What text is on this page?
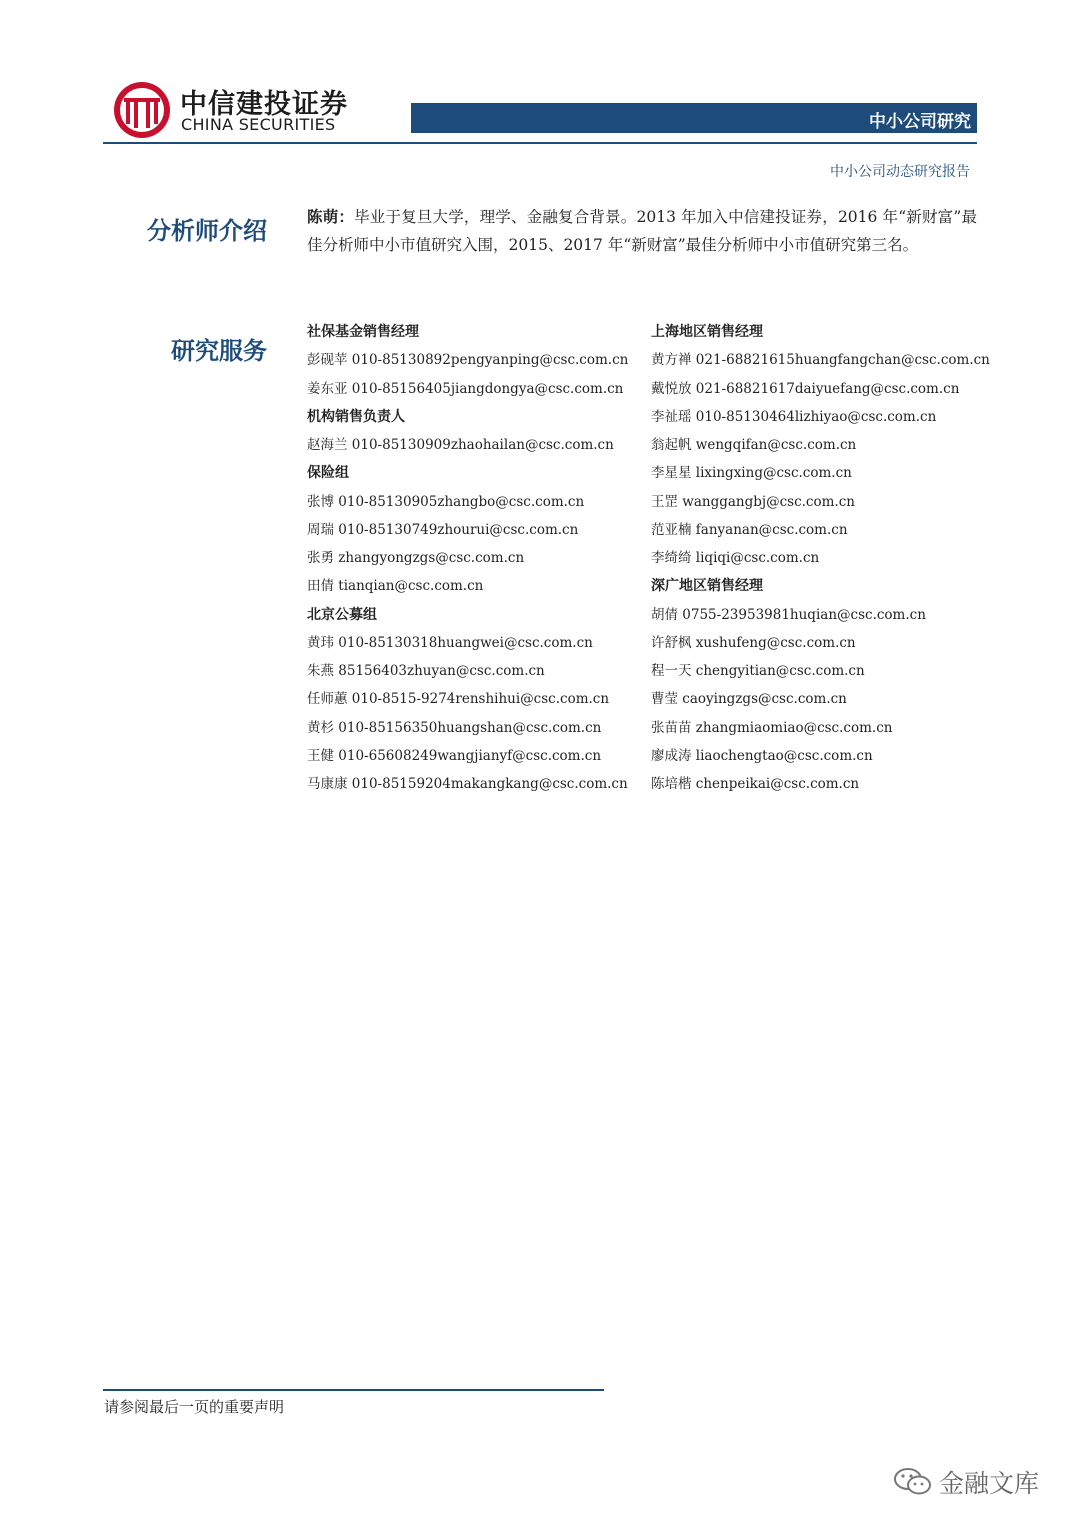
中信建投证券
CHINA SECURITIES	中小公司研究
中小公司动态研究报告
分析师介绍	陈萌：毕业于复旦大学，理学、金融复合背景。2013 年加入中信建投证券，2016 年“新财富”最佳分析师中小市值研究入围，2015、2017 年“新财富”最佳分析师中小市值研究第三名。
研究服务
社保基金销售经理
彭砚苹 010-85130892pengyanping@csc.com.cn
姜东亚 010-85156405jiangdongya@csc.com.cn
机构销售负责人
赵海兰 010-85130909zhaohailan@csc.com.cn
保险组
张博 010-85130905zhangbo@csc.com.cn
周瑞 010-85130749zhourui@csc.com.cn
张勇 zhangyongzgs@csc.com.cn
田倩 tianqian@csc.com.cn
北京公募组
黄玮 010-85130318huangwei@csc.com.cn
朱燕 85156403zhuyan@csc.com.cn
任师蕙 010-8515-9274renshihui@csc.com.cn
黄杉 010-85156350huangshan@csc.com.cn
王健 010-65608249wangjianyf@csc.com.cn
马康康 010-85159204makangkang@csc.com.cn
上海地区销售经理
黄方禅 021-68821615huangfangchan@csc.com.cn
戴悦放 021-68821617daiyuefang@csc.com.cn
李祉瑶 010-85130464lizhiyao@csc.com.cn
翁起帆 wengqifan@csc.com.cn
李星星 lixingxing@csc.com.cn
王罡 wanggangbj@csc.com.cn
范亚楠 fanyanan@csc.com.cn
李绮绮 liqiqi@csc.com.cn
深广地区销售经理
胡倩 0755-23953981huqian@csc.com.cn
许舒枫 xushufeng@csc.com.cn
程一天 chengyitian@csc.com.cn
曹莹 caoyingzgs@csc.com.cn
张苗苗 zhangmiaomiao@csc.com.cn
廖成涛 liaochengtao@csc.com.cn
陈培楷 chenpeikai@csc.com.cn
请参阅最后一页的重要声明
金融文库
